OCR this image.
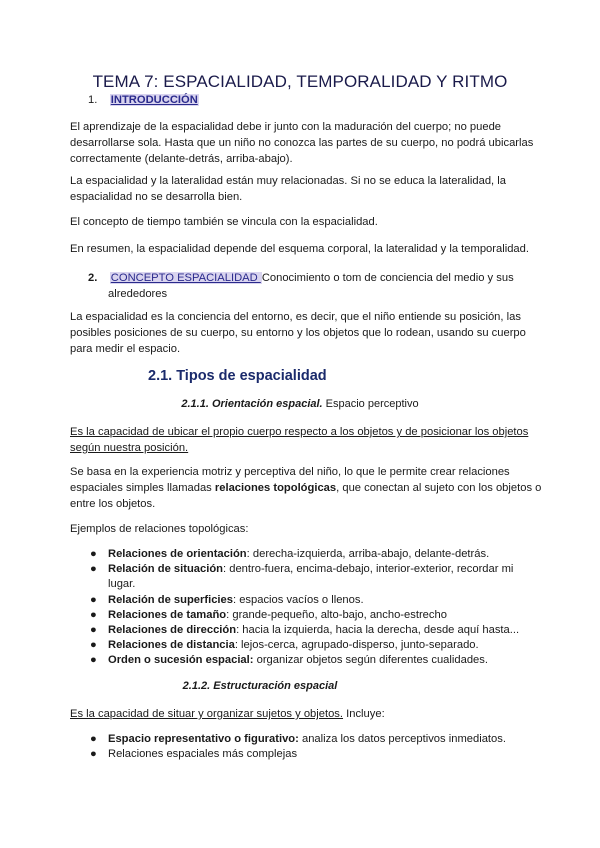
TEMA 7: ESPACIALIDAD, TEMPORALIDAD Y RITMO
1. INTRODUCCIÓN
El aprendizaje de la espacialidad debe ir junto con la maduración del cuerpo; no puede desarrollarse sola. Hasta que un niño no conozca las partes de su cuerpo, no podrá ubicarlas correctamente (delante-detrás, arriba-abajo).
La espacialidad y la lateralidad están muy relacionadas. Si no se educa la lateralidad, la espacialidad no se desarrolla bien.
El concepto de tiempo también se vincula con la espacialidad.
En resumen, la espacialidad depende del esquema corporal, la lateralidad y la temporalidad.
2. CONCEPTO ESPACIALIDAD Conocimiento o tom de conciencia del medio y sus
alrededores
La espacialidad es la conciencia del entorno, es decir, que el niño entiende su posición, las posibles posiciones de su cuerpo, su entorno y los objetos que lo rodean, usando su cuerpo para medir el espacio.
2.1. Tipos de espacialidad
2.1.1. Orientación espacial. Espacio perceptivo
Es la capacidad de ubicar el propio cuerpo respecto a los objetos y de posicionar los objetos según nuestra posición.
Se basa en la experiencia motriz y perceptiva del niño, lo que le permite crear relaciones espaciales simples llamadas relaciones topológicas, que conectan al sujeto con los objetos o entre los objetos.
Ejemplos de relaciones topológicas:
● Relaciones de orientación: derecha-izquierda, arriba-abajo, delante-detrás.
● Relación de situación: dentro-fuera, encima-debajo, interior-exterior, recordar mi lugar.
● Relación de superficies: espacios vacíos o llenos.
● Relaciones de tamaño: grande-pequeño, alto-bajo, ancho-estrecho
● Relaciones de dirección: hacia la izquierda, hacia la derecha, desde aquí hasta...
● Relaciones de distancia: lejos-cerca, agrupado-disperso, junto-separado.
● Orden o sucesión espacial: organizar objetos según diferentes cualidades.
2.1.2. Estructuración espacial
Es la capacidad de situar y organizar sujetos y objetos. Incluye:
● Espacio representativo o figurativo: analiza los datos perceptivos inmediatos.
● Relaciones espaciales más complejas
